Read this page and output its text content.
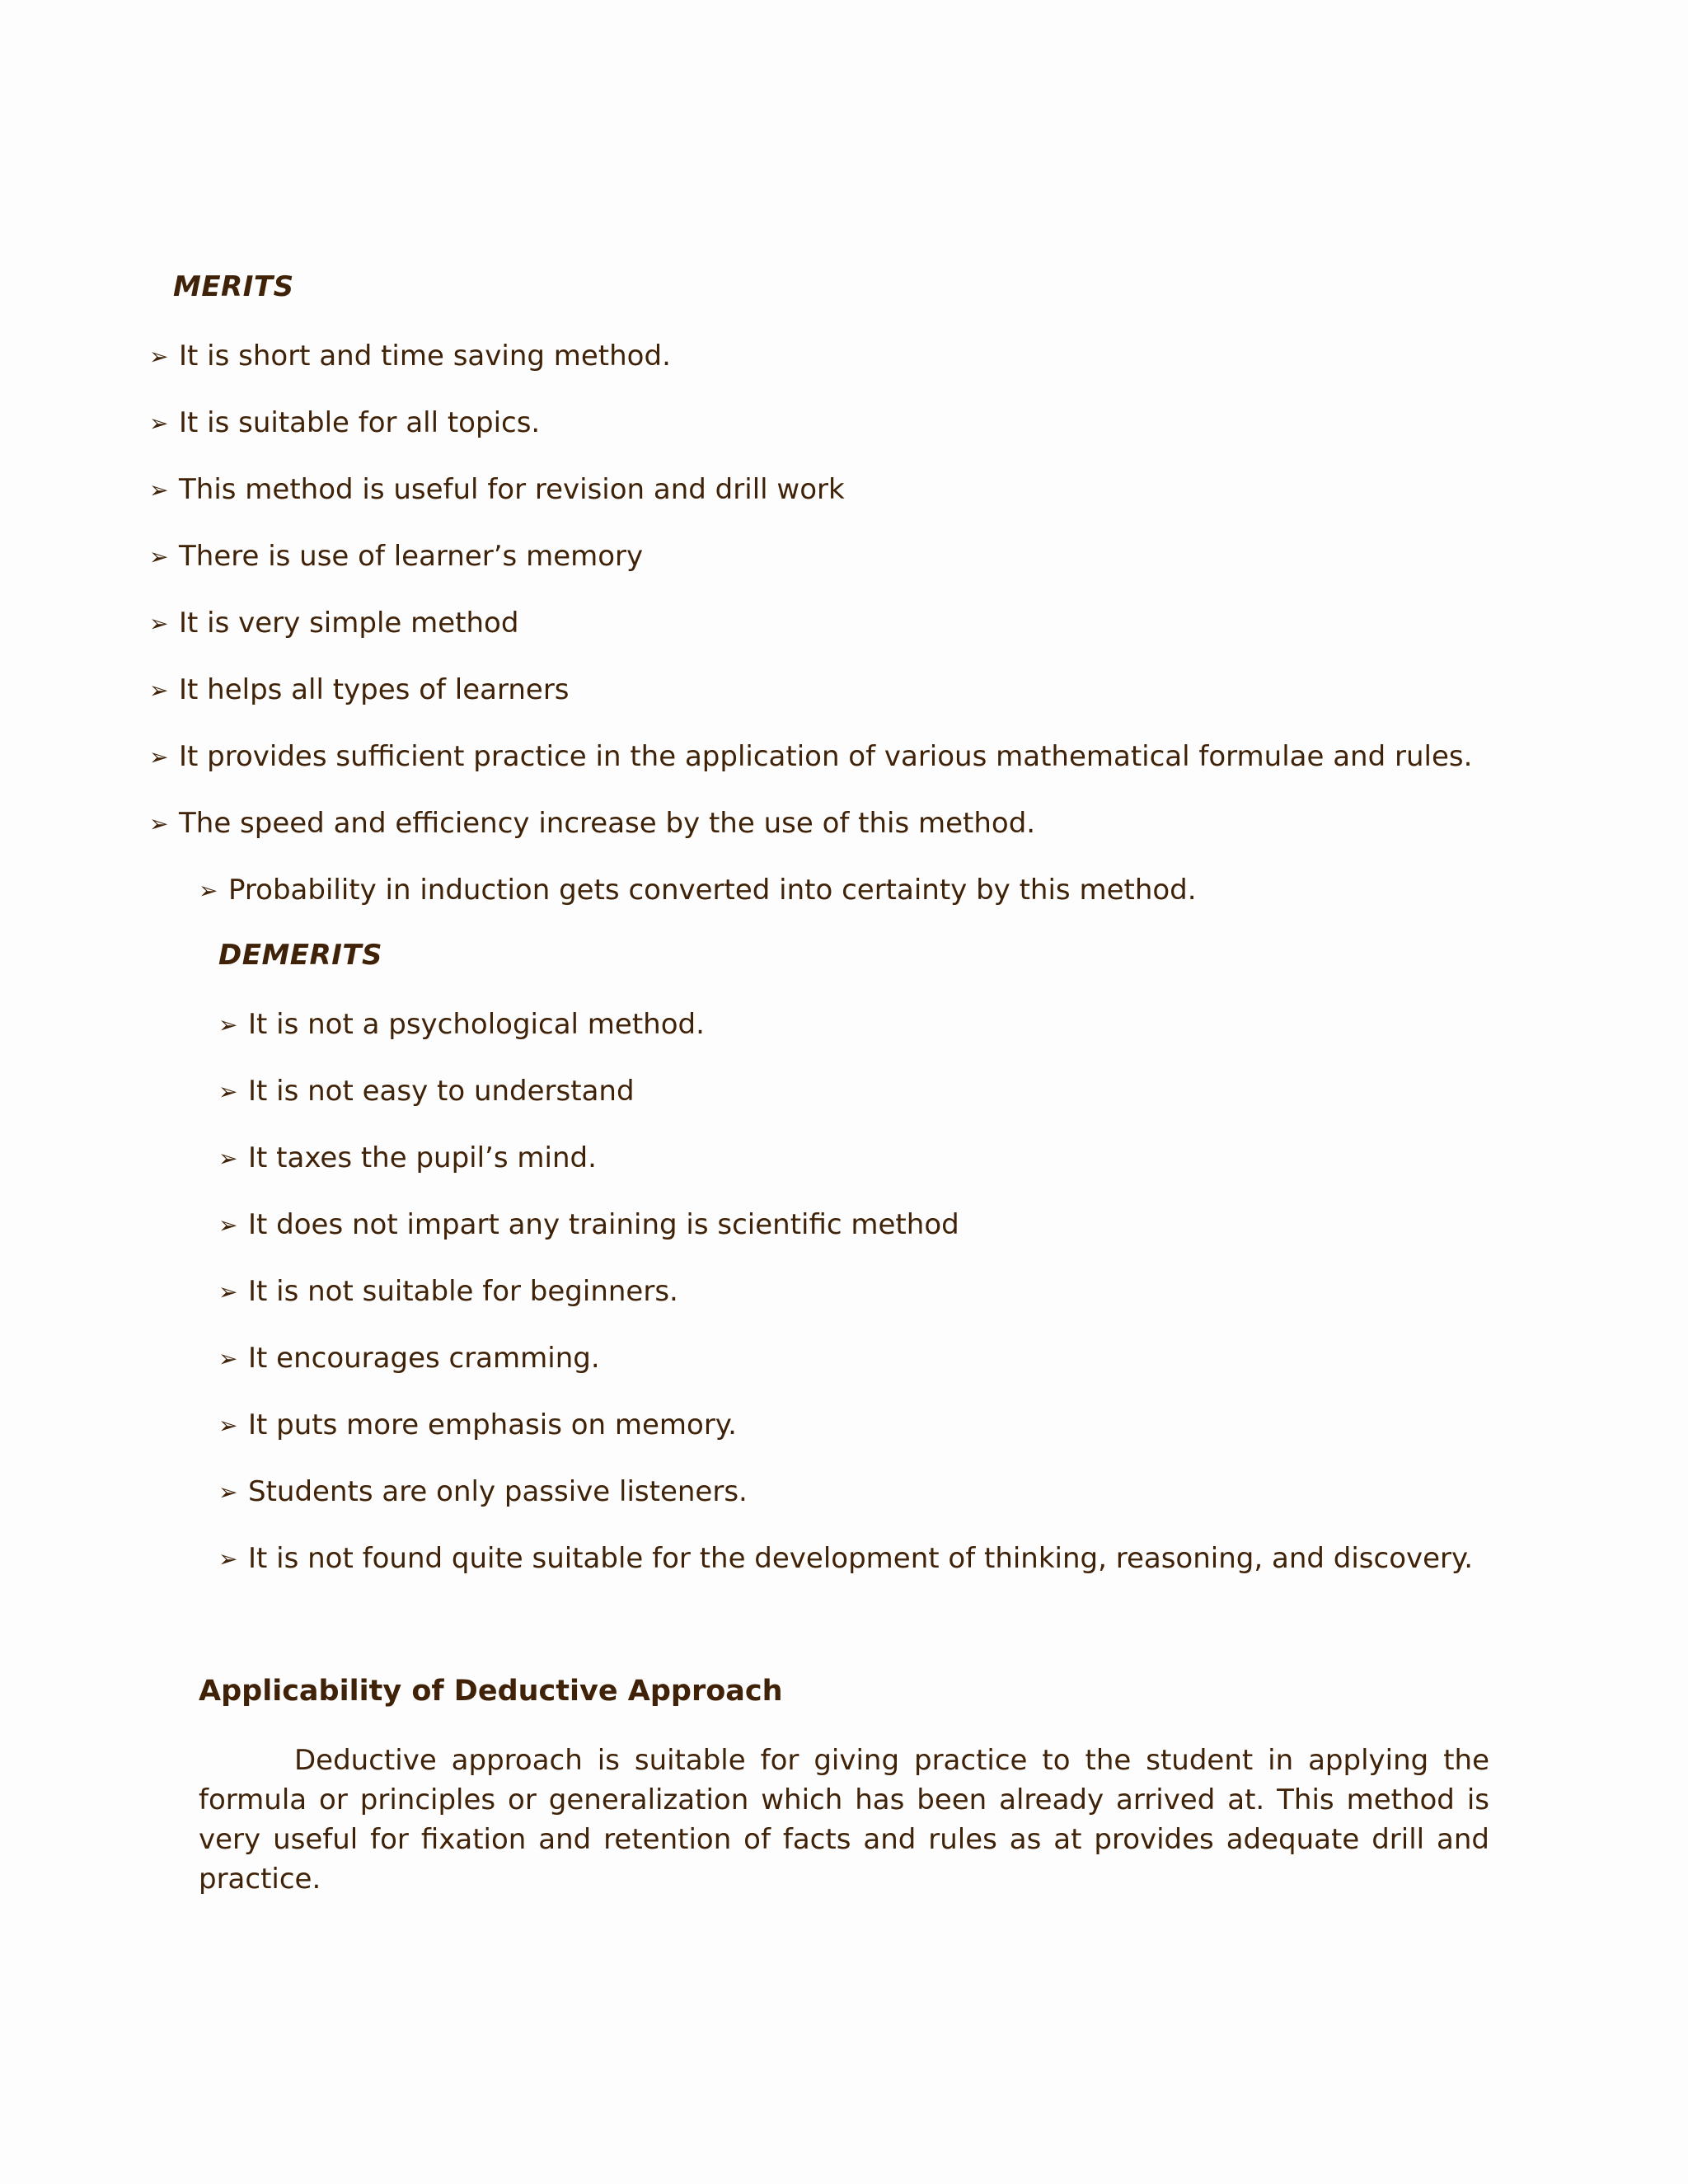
MERITS
➢ It is short and time saving method.
➢ It is suitable for all topics.
➢ This method is useful for revision and drill work
➢ There is use of learner’s memory
➢ It is very simple method
➢ It helps all types of learners
➢ It provides sufficient practice in the application of various mathematical formulae and rules.
➢ The speed and efficiency increase by the use of this method.
➢ Probability in induction gets converted into certainty by this method.
DEMERITS
➢ It is not a psychological method.
➢ It is not easy to understand
➢ It taxes the pupil’s mind.
➢ It does not impart any training is scientific method
➢ It is not suitable for beginners.
➢ It encourages cramming.
➢ It puts more emphasis on memory.
➢ Students are only passive listeners.
➢ It is not found quite suitable for the development of thinking, reasoning, and discovery.
Applicability of Deductive Approach

Deductive approach is suitable for giving practice to the student in applying the formula or principles or generalization which has been already arrived at. This method is very useful for fixation and retention of facts and rules as at provides adequate drill and practice.
